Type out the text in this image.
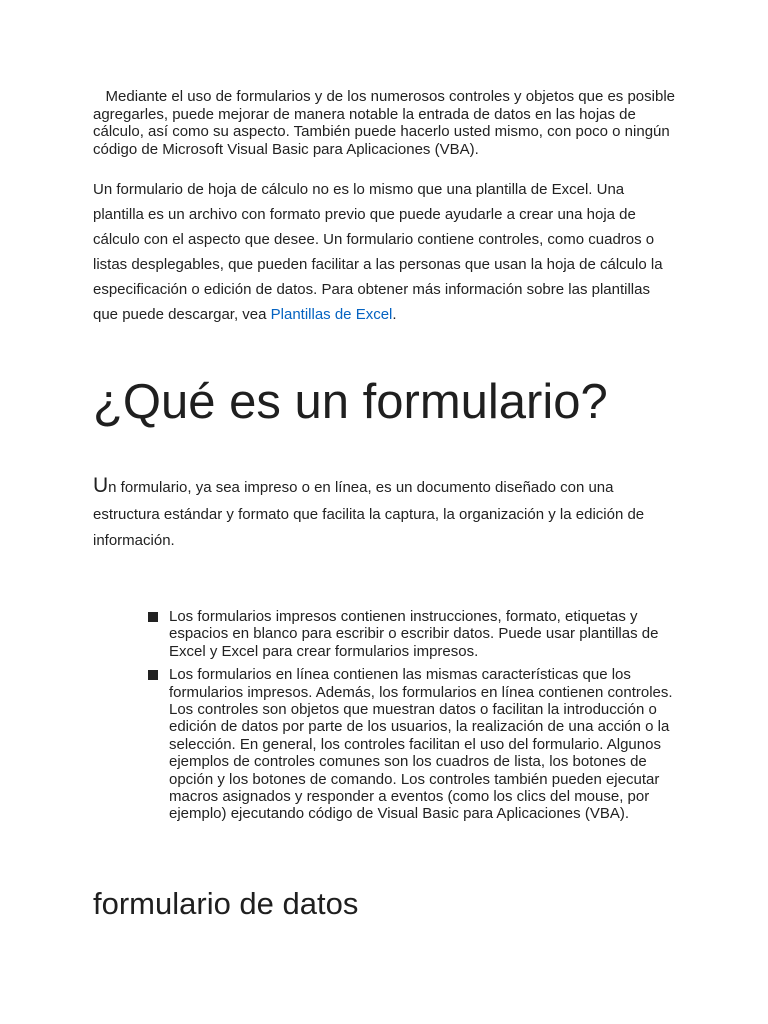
Mediante el uso de formularios y de los numerosos controles y objetos que es posible agregarles, puede mejorar de manera notable la entrada de datos en las hojas de cálculo, así como su aspecto. También puede hacerlo usted mismo, con poco o ningún código de Microsoft Visual Basic para Aplicaciones (VBA).

Un formulario de hoja de cálculo no es lo mismo que una plantilla de Excel. Una plantilla es un archivo con formato previo que puede ayudarle a crear una hoja de cálculo con el aspecto que desee. Un formulario contiene controles, como cuadros o listas desplegables, que pueden facilitar a las personas que usan la hoja de cálculo la especificación o edición de datos. Para obtener más información sobre las plantillas que puede descargar, vea Plantillas de Excel.

¿Qué es un formulario?

Un formulario, ya sea impreso o en línea, es un documento diseñado con una estructura estándar y formato que facilita la captura, la organización y la edición de información.

Los formularios impresos contienen instrucciones, formato, etiquetas y espacios en blanco para escribir o escribir datos. Puede usar plantillas de Excel y Excel para crear formularios impresos.
Los formularios en línea contienen las mismas características que los formularios impresos. Además, los formularios en línea contienen controles. Los controles son objetos que muestran datos o facilitan la introducción o edición de datos por parte de los usuarios, la realización de una acción o la selección. En general, los controles facilitan el uso del formulario. Algunos ejemplos de controles comunes son los cuadros de lista, los botones de opción y los botones de comando. Los controles también pueden ejecutar macros asignados y responder a eventos (como los clics del mouse, por ejemplo) ejecutando código de Visual Basic para Aplicaciones (VBA).
formulario de datos
